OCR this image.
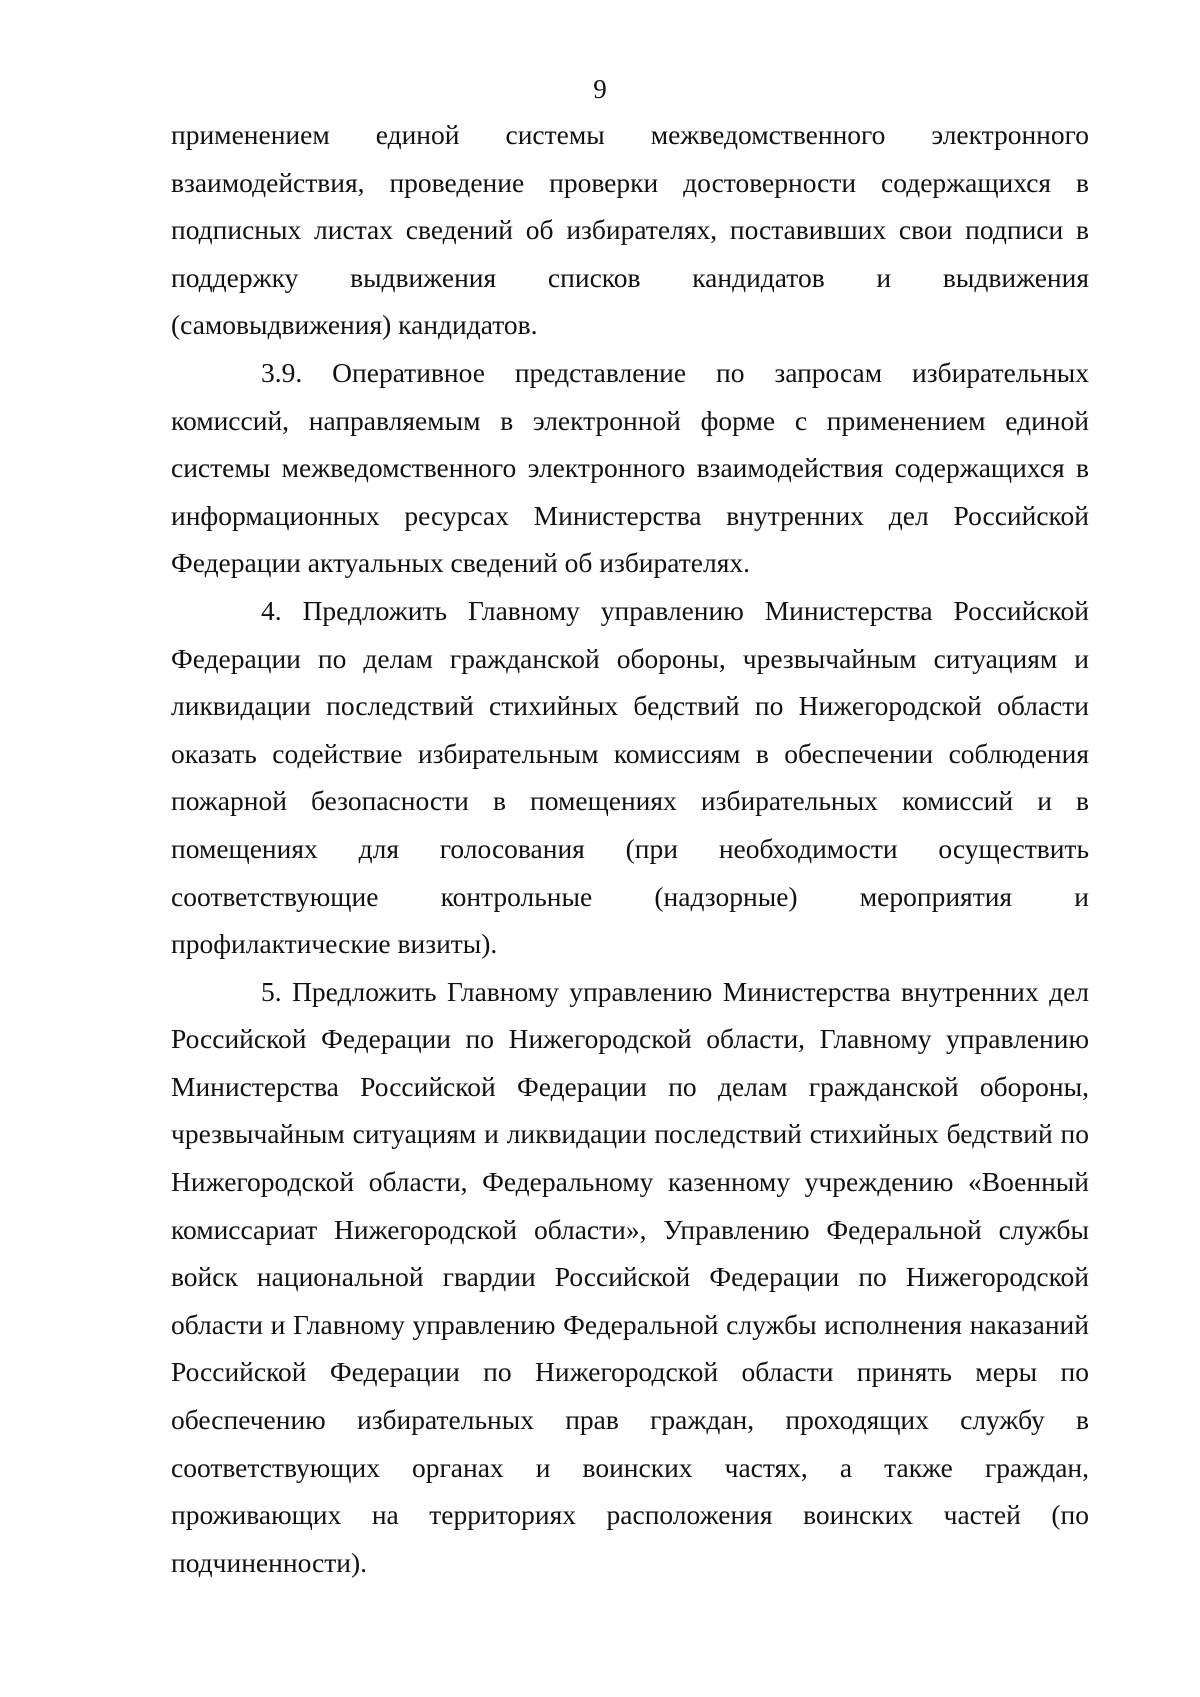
9

применением единой системы межведомственного электронного взаимодействия, проведение проверки достоверности содержащихся в подписных листах сведений об избирателях, поставивших свои подписи в поддержку выдвижения списков кандидатов и выдвижения (самовыдвижения) кандидатов.

3.9. Оперативное представление по запросам избирательных комиссий, направляемым в электронной форме с применением единой системы межведомственного электронного взаимодействия содержащихся в информационных ресурсах Министерства внутренних дел Российской Федерации актуальных сведений об избирателях.

4. Предложить Главному управлению Министерства Российской Федерации по делам гражданской обороны, чрезвычайным ситуациям и ликвидации последствий стихийных бедствий по Нижегородской области оказать содействие избирательным комиссиям в обеспечении соблюдения пожарной безопасности в помещениях избирательных комиссий и в помещениях для голосования (при необходимости осуществить соответствующие контрольные (надзорные) мероприятия и профилактические визиты).

5. Предложить Главному управлению Министерства внутренних дел Российской Федерации по Нижегородской области, Главному управлению Министерства Российской Федерации по делам гражданской обороны, чрезвычайным ситуациям и ликвидации последствий стихийных бедствий по Нижегородской области, Федеральному казенному учреждению «Военный комиссариат Нижегородской области», Управлению Федеральной службы войск национальной гвардии Российской Федерации по Нижегородской области и Главному управлению Федеральной службы исполнения наказаний Российской Федерации по Нижегородской области принять меры по обеспечению избирательных прав граждан, проходящих службу в соответствующих органах и воинских частях, а также граждан, проживающих на территориях расположения воинских частей (по подчиненности).
